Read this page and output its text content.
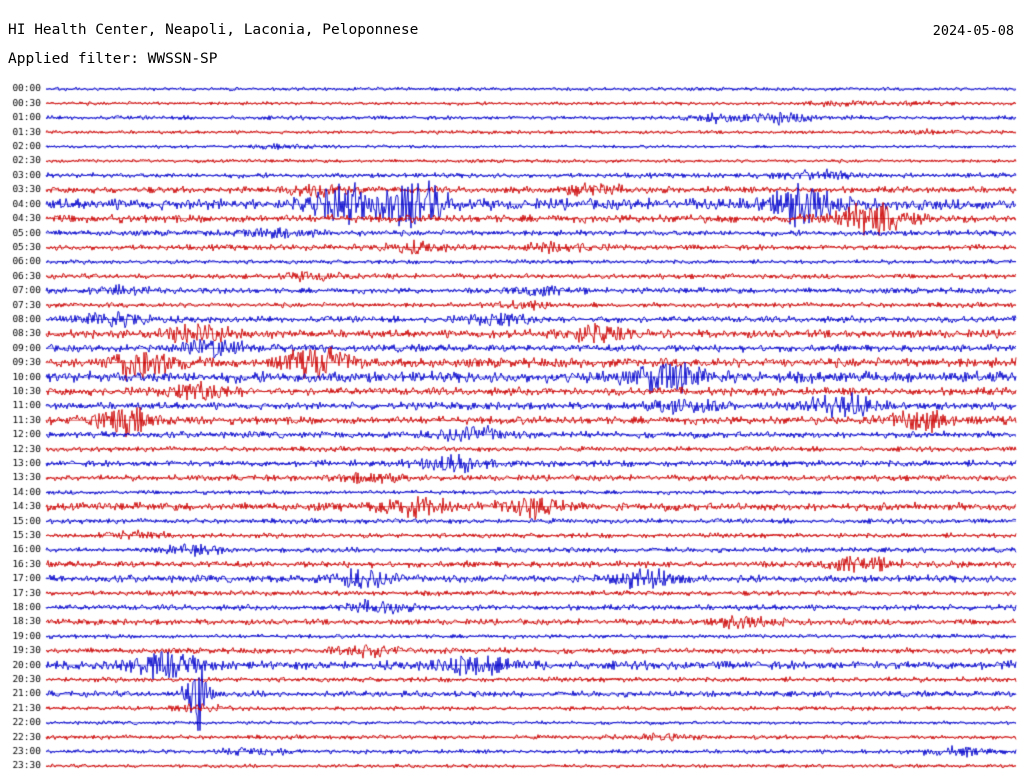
HI Health Center, Neapoli, Laconia, Peloponnese	2024-05-08
Applied filter: WWSSN-SP
